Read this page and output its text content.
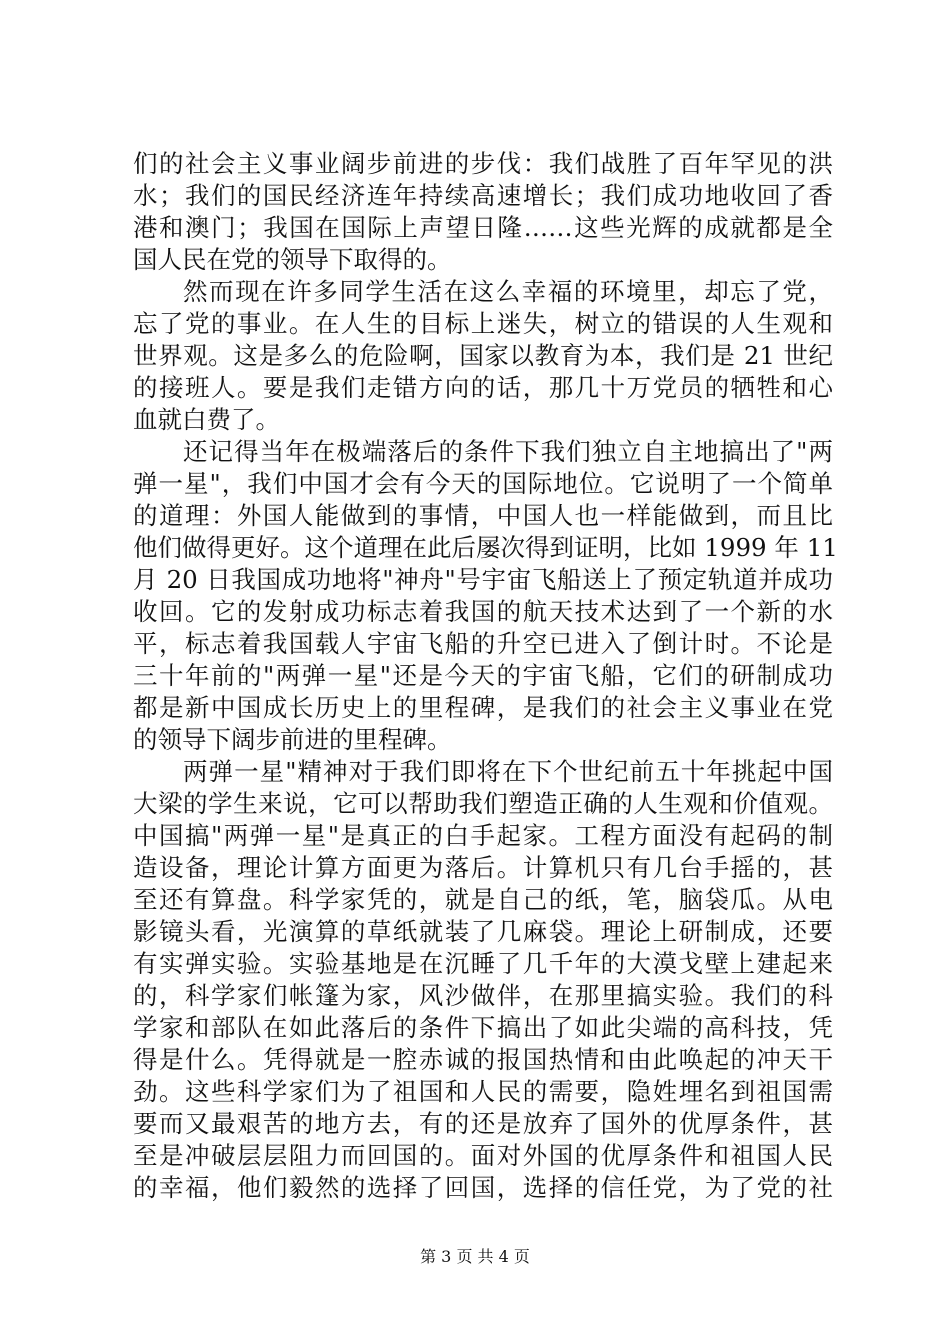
们的社会主义事业阔步前进的步伐：我们战胜了百年罕见的洪
水；我们的国民经济连年持续高速增长；我们成功地收回了香
港和澳门；我国在国际上声望日隆……这些光辉的成就都是全
国人民在党的领导下取得的。
然而现在许多同学生活在这么幸福的环境里，却忘了党，
忘了党的事业。在人生的目标上迷失，树立的错误的人生观和
世界观。这是多么的危险啊，国家以教育为本，我们是 21 世纪
的接班人。要是我们走错方向的话，那几十万党员的牺牲和心
血就白费了。
还记得当年在极端落后的条件下我们独立自主地搞出了"两
弹一星"，我们中国才会有今天的国际地位。它说明了一个简单
的道理：外国人能做到的事情，中国人也一样能做到，而且比
他们做得更好。这个道理在此后屡次得到证明，比如 1999 年 11
月 20 日我国成功地将"神舟"号宇宙飞船送上了预定轨道并成功
收回。它的发射成功标志着我国的航天技术达到了一个新的水
平，标志着我国载人宇宙飞船的升空已进入了倒计时。不论是
三十年前的"两弹一星"还是今天的宇宙飞船，它们的研制成功
都是新中国成长历史上的里程碑，是我们的社会主义事业在党
的领导下阔步前进的里程碑。
两弹一星"精神对于我们即将在下个世纪前五十年挑起中国
大梁的学生来说，它可以帮助我们塑造正确的人生观和价值观。
中国搞"两弹一星"是真正的白手起家。工程方面没有起码的制
造设备，理论计算方面更为落后。计算机只有几台手摇的，甚
至还有算盘。科学家凭的，就是自己的纸，笔，脑袋瓜。从电
影镜头看，光演算的草纸就装了几麻袋。理论上研制成，还要
有实弹实验。实验基地是在沉睡了几千年的大漠戈壁上建起来
的，科学家们帐篷为家，风沙做伴，在那里搞实验。我们的科
学家和部队在如此落后的条件下搞出了如此尖端的高科技，凭
得是什么。凭得就是一腔赤诚的报国热情和由此唤起的冲天干
劲。这些科学家们为了祖国和人民的需要，隐姓埋名到祖国需
要而又最艰苦的地方去，有的还是放弃了国外的优厚条件，甚
至是冲破层层阻力而回国的。面对外国的优厚条件和祖国人民
的幸福，他们毅然的选择了回国，选择的信任党，为了党的社
第 3 页 共 4 页
